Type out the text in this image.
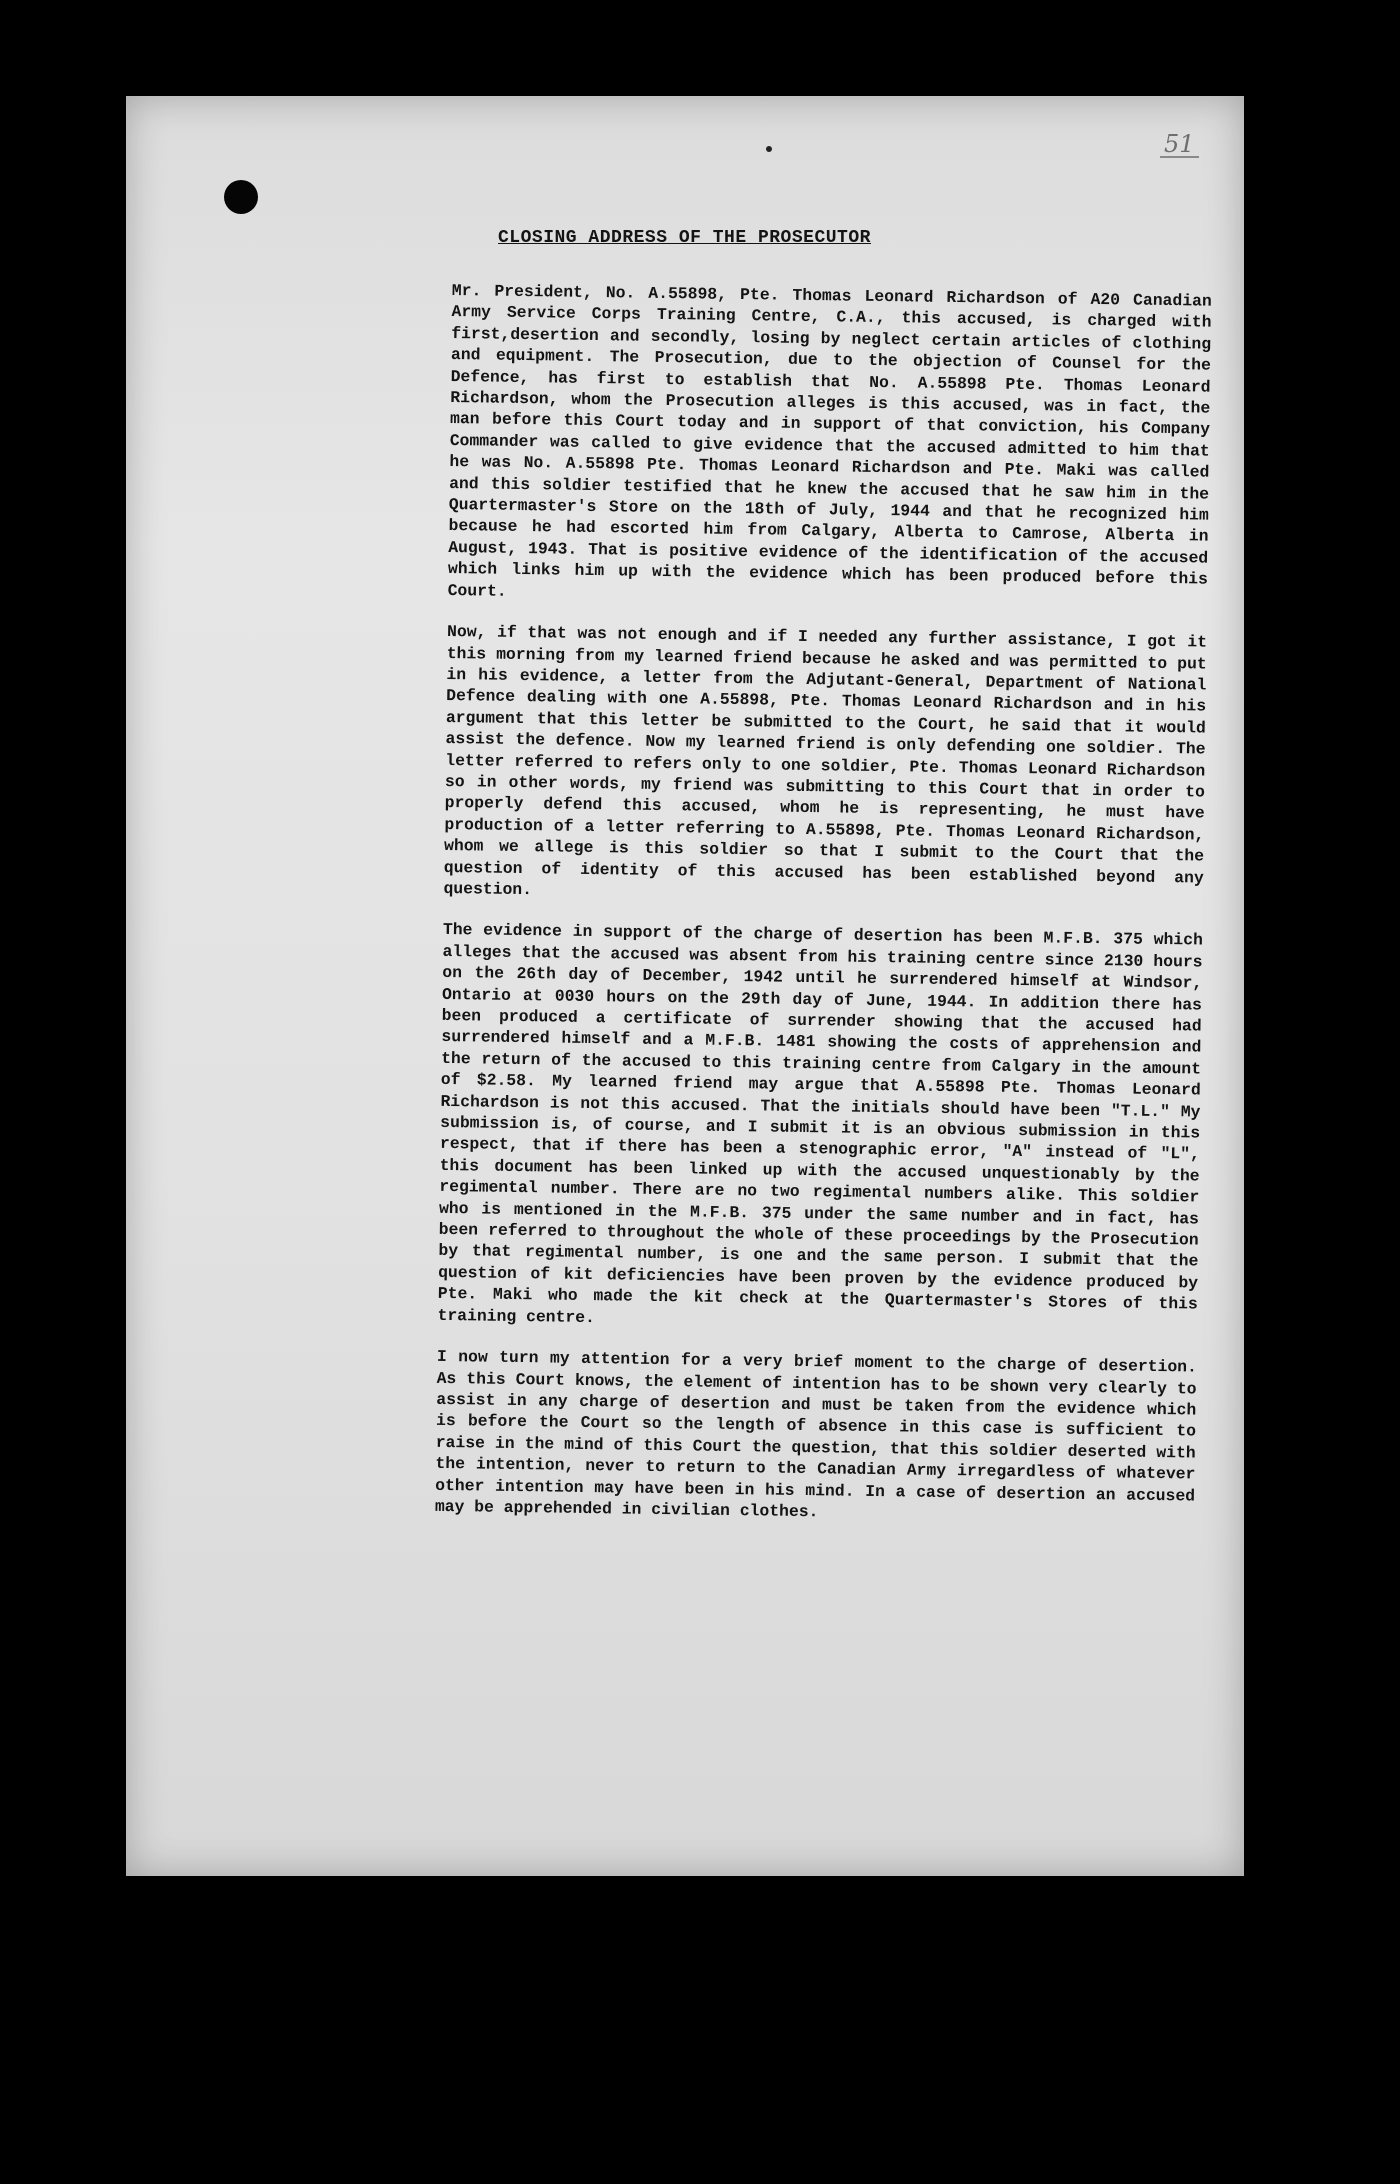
51
CLOSING ADDRESS OF THE PROSECUTOR

Mr. President, No. A.55898, Pte. Thomas Leonard Richardson of A20 Canadian Army Service Corps Training Centre, C.A., this accused, is charged with first,desertion and secondly, losing by neglect certain articles of clothing and equipment. The Prosecution, due to the objection of Counsel for the Defence, has first to establish that No. A.55898 Pte. Thomas Leonard Richardson, whom the Prosecution alleges is this accused, was in fact, the man before this Court today and in support of that conviction, his Company Commander was called to give evidence that the accused admitted to him that he was No. A.55898 Pte. Thomas Leonard Richardson and Pte. Maki was called and this soldier testified that he knew the accused that he saw him in the Quartermaster's Store on the 18th of July, 1944 and that he recognized him because he had escorted him from Calgary, Alberta to Camrose, Alberta in August, 1943. That is positive evidence of the identification of the accused which links him up with the evidence which has been produced before this Court.

Now, if that was not enough and if I needed any further assistance, I got it this morning from my learned friend because he asked and was permitted to put in his evidence, a letter from the Adjutant-General, Department of National Defence dealing with one A.55898, Pte. Thomas Leonard Richardson and in his argument that this letter be submitted to the Court, he said that it would assist the defence. Now my learned friend is only defending one soldier. The letter referred to refers only to one soldier, Pte. Thomas Leonard Richardson so in other words, my friend was submitting to this Court that in order to properly defend this accused, whom he is representing, he must have production of a letter referring to A.55898, Pte. Thomas Leonard Richardson, whom we allege is this soldier so that I submit to the Court that the question of identity of this accused has been established beyond any question.

The evidence in support of the charge of desertion has been M.F.B. 375 which alleges that the accused was absent from his training centre since 2130 hours on the 26th day of December, 1942 until he surrendered himself at Windsor, Ontario at 0030 hours on the 29th day of June, 1944. In addition there has been produced a certificate of surrender showing that the accused had surrendered himself and a M.F.B. 1481 showing the costs of apprehension and the return of the accused to this training centre from Calgary in the amount of $2.58. My learned friend may argue that A.55898 Pte. Thomas Leonard Richardson is not this accused. That the initials should have been "T.L." My submission is, of course, and I submit it is an obvious submission in this respect, that if there has been a stenographic error, "A" instead of "L", this document has been linked up with the accused unquestionably by the regimental number. There are no two regimental numbers alike. This soldier who is mentioned in the M.F.B. 375 under the same number and in fact, has been referred to throughout the whole of these proceedings by the Prosecution by that regimental number, is one and the same person. I submit that the question of kit deficiencies have been proven by the evidence produced by Pte. Maki who made the kit check at the Quartermaster's Stores of this training centre.

I now turn my attention for a very brief moment to the charge of desertion. As this Court knows, the element of intention has to be shown very clearly to assist in any charge of desertion and must be taken from the evidence which is before the Court so the length of absence in this case is sufficient to raise in the mind of this Court the question, that this soldier deserted with the intention, never to return to the Canadian Army irregardless of whatever other intention may have been in his mind. In a case of desertion an accused may be apprehended in civilian clothes.
